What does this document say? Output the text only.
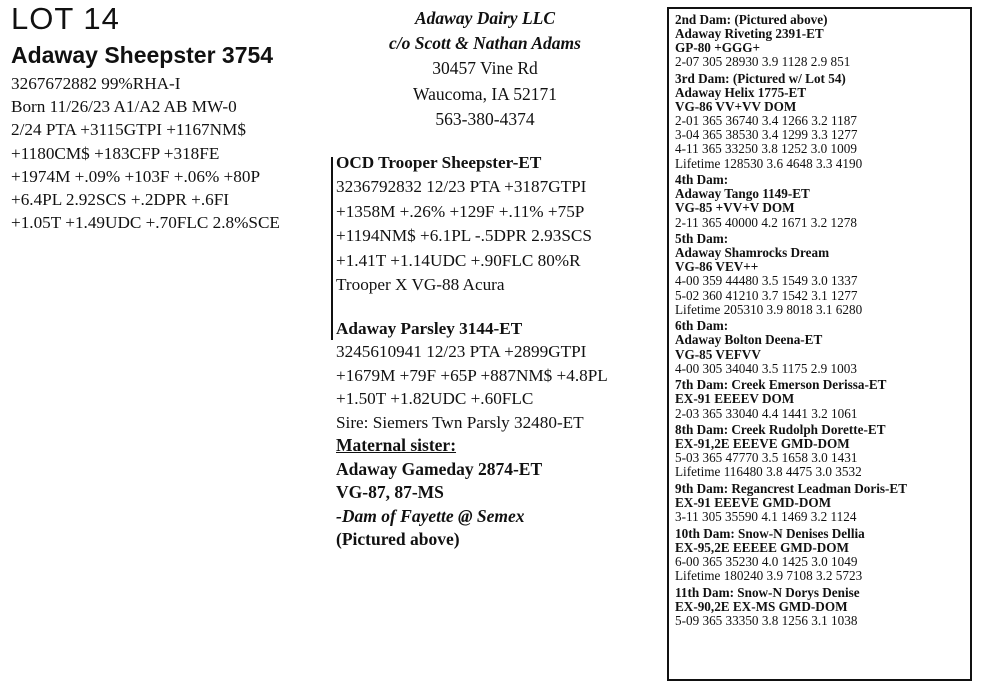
LOT 14
Adaway Sheepster 3754
3267672882 99%RHA-I
Born 11/26/23 A1/A2 AB MW-0
2/24 PTA +3115GTPI +1167NM$
+1180CM$ +183CFP +318FE
+1974M +.09% +103F +.06% +80P
+6.4PL 2.92SCS +.2DPR +.6FI
+1.05T +1.49UDC +.70FLC 2.8%SCE
Adaway Dairy LLC
c/o Scott & Nathan Adams
30457 Vine Rd
Waucoma, IA 52171
563-380-4374
OCD Trooper Sheepster-ET
3236792832 12/23 PTA +3187GTPI
+1358M +.26% +129F +.11% +75P
+1194NM$ +6.1PL -.5DPR 2.93SCS
+1.41T +1.14UDC +.90FLC 80%R
Trooper X VG-88 Acura
Adaway Parsley 3144-ET
3245610941 12/23 PTA +2899GTPI
+1679M +79F +65P +887NM$ +4.8PL
+1.50T +1.82UDC +.60FLC
Sire: Siemers Twn Parsly 32480-ET
Maternal sister:
Adaway Gameday 2874-ET
VG-87, 87-MS
-Dam of Fayette @ Semex
(Pictured above)
2nd Dam: (Pictured above)
Adaway Riveting 2391-ET
GP-80 +GGG+
2-07 305 28930 3.9 1128 2.9 851
3rd Dam: (Pictured w/ Lot 54)
Adaway Helix 1775-ET
VG-86 VV+VV DOM
2-01 365 36740 3.4 1266 3.2 1187
3-04 365 38530 3.4 1299 3.3 1277
4-11 365 33250 3.8 1252 3.0 1009
Lifetime 128530 3.6 4648 3.3 4190
4th Dam:
Adaway Tango 1149-ET
VG-85 +VV+V DOM
2-11 365 40000 4.2 1671 3.2 1278
5th Dam:
Adaway Shamrocks Dream
VG-86 VEV++
4-00 359 44480 3.5 1549 3.0 1337
5-02 360 41210 3.7 1542 3.1 1277
Lifetime 205310 3.9 8018 3.1 6280
6th Dam:
Adaway Bolton Deena-ET
VG-85 VEFVV
4-00 305 34040 3.5 1175 2.9 1003
7th Dam: Creek Emerson Derissa-ET
EX-91 EEEEV DOM
2-03 365 33040 4.4 1441 3.2 1061
8th Dam: Creek Rudolph Dorette-ET
EX-91,2E EEEVE GMD-DOM
5-03 365 47770 3.5 1658 3.0 1431
Lifetime 116480 3.8 4475 3.0 3532
9th Dam: Regancrest Leadman Doris-ET
EX-91 EEEVE GMD-DOM
3-11 305 35590 4.1 1469 3.2 1124
10th Dam: Snow-N Denises Dellia
EX-95,2E EEEEE GMD-DOM
6-00 365 35230 4.0 1425 3.0 1049
Lifetime 180240 3.9 7108 3.2 5723
11th Dam: Snow-N Dorys Denise
EX-90,2E EX-MS GMD-DOM
5-09 365 33350 3.8 1256 3.1 1038
